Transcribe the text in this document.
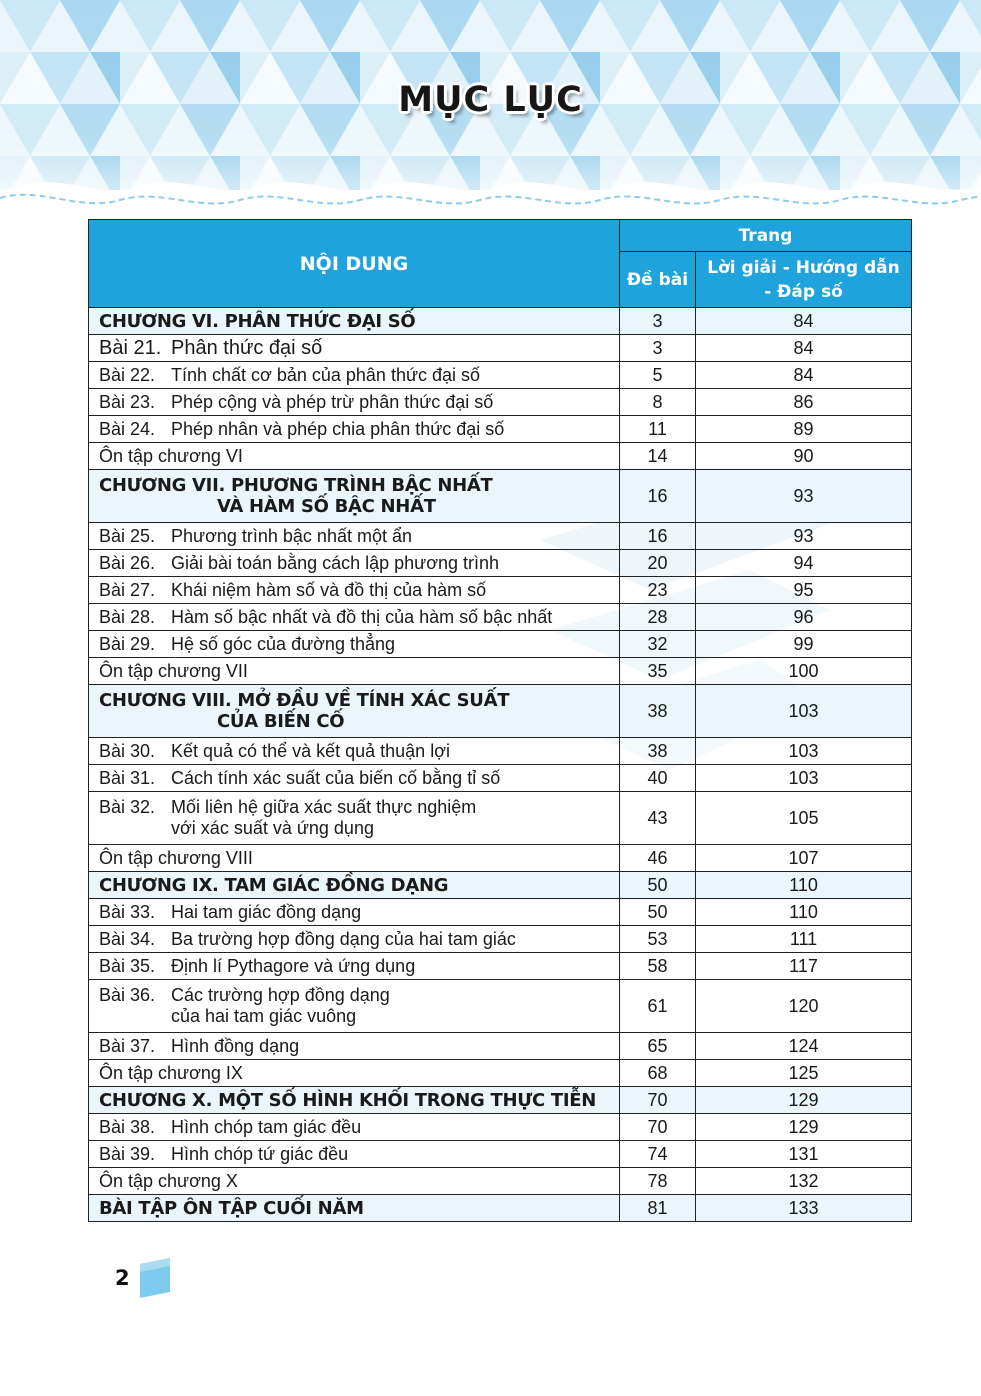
MỤC LỤC
NỘI DUNG	Trang	
	Đề bài	Lời giải - Hướng dẫn - Đáp số
CHƯƠNG VI. PHÂN THỨC ĐẠI SỐ	3	84
Bài 21. Phân thức đại số	3	84
Bài 22. Tính chất cơ bản của phân thức đại số	5	84
Bài 23. Phép cộng và phép trừ phân thức đại số	8	86
Bài 24. Phép nhân và phép chia phân thức đại số	11	89
Ôn tập chương VI	14	90
CHƯƠNG VII. PHƯƠNG TRÌNH BẬC NHẤT
VÀ HÀM SỐ BẬC NHẤT	16	93
Bài 25. Phương trình bậc nhất một ẩn	16	93
Bài 26. Giải bài toán bằng cách lập phương trình	20	94
Bài 27. Khái niệm hàm số và đồ thị của hàm số	23	95
Bài 28. Hàm số bậc nhất và đồ thị của hàm số bậc nhất	28	96
Bài 29. Hệ số góc của đường thẳng	32	99
Ôn tập chương VII	35	100
CHƯƠNG VIII. MỞ ĐẦU VỀ TÍNH XÁC SUẤT
CỦA BIẾN CỐ	38	103
Bài 30. Kết quả có thể và kết quả thuận lợi	38	103
Bài 31. Cách tính xác suất của biến cố bằng tỉ số	40	103
Bài 32. Mối liên hệ giữa xác suất thực nghiệm
với xác suất và ứng dụng	43	105
Ôn tập chương VIII	46	107
CHƯƠNG IX. TAM GIÁC ĐỒNG DẠNG	50	110
Bài 33. Hai tam giác đồng dạng	50	110
Bài 34. Ba trường hợp đồng dạng của hai tam giác	53	111
Bài 35. Định lí Pythagore và ứng dụng	58	117
Bài 36. Các trường hợp đồng dạng
của hai tam giác vuông	61	120
Bài 37. Hình đồng dạng	65	124
Ôn tập chương IX	68	125
CHƯƠNG X. MỘT SỐ HÌNH KHỐI TRONG THỰC TIỄN	70	129
Bài 38. Hình chóp tam giác đều	70	129
Bài 39. Hình chóp tứ giác đều	74	131
Ôn tập chương X	78	132
BÀI TẬP ÔN TẬP CUỐI NĂM	81	133
2
